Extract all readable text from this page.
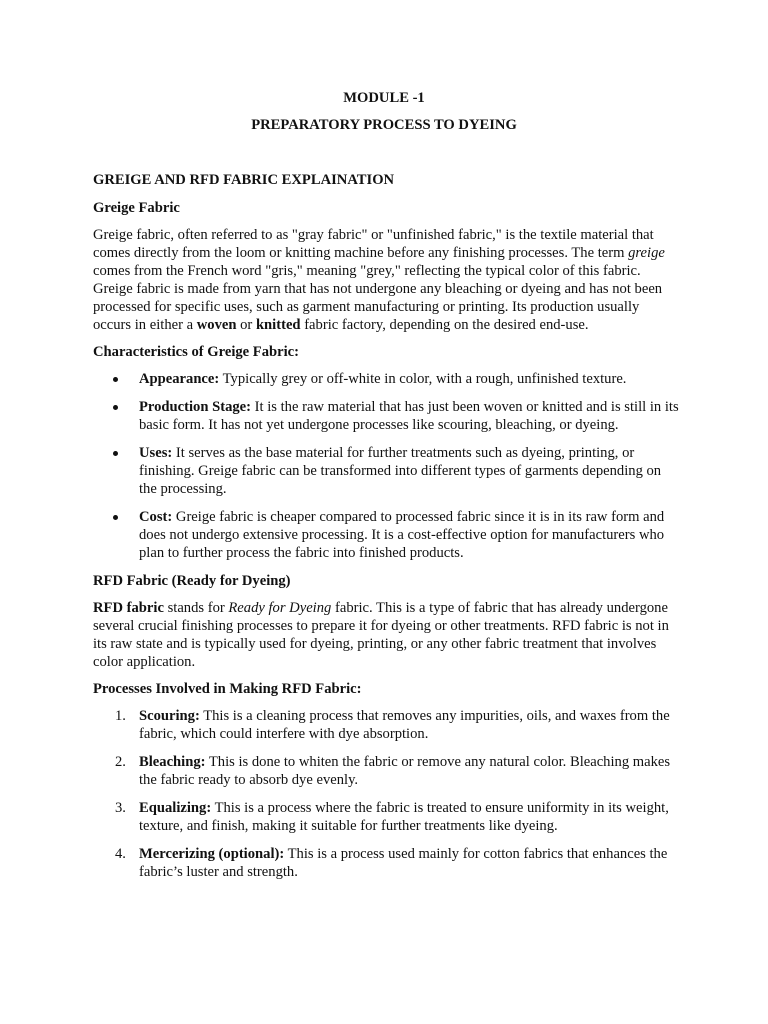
MODULE -1
PREPARATORY PROCESS TO DYEING
GREIGE AND RFD FABRIC EXPLAINATION
Greige Fabric

Greige fabric, often referred to as "gray fabric" or "unfinished fabric," is the textile material that comes directly from the loom or knitting machine before any finishing processes. The term greige comes from the French word "gris," meaning "grey," reflecting the typical color of this fabric. Greige fabric is made from yarn that has not undergone any bleaching or dyeing and has not been processed for specific uses, such as garment manufacturing or printing. Its production usually occurs in either a woven or knitted fabric factory, depending on the desired end-use.

Characteristics of Greige Fabric:
Appearance: Typically grey or off-white in color, with a rough, unfinished texture.
Production Stage: It is the raw material that has just been woven or knitted and is still in its basic form. It has not yet undergone processes like scouring, bleaching, or dyeing.
Uses: It serves as the base material for further treatments such as dyeing, printing, or finishing. Greige fabric can be transformed into different types of garments depending on the processing.
Cost: Greige fabric is cheaper compared to processed fabric since it is in its raw form and does not undergo extensive processing. It is a cost-effective option for manufacturers who plan to further process the fabric into finished products.
RFD Fabric (Ready for Dyeing)

RFD fabric stands for Ready for Dyeing fabric. This is a type of fabric that has already undergone several crucial finishing processes to prepare it for dyeing or other treatments. RFD fabric is not in its raw state and is typically used for dyeing, printing, or any other fabric treatment that involves color application.

Processes Involved in Making RFD Fabric:
1. Scouring: This is a cleaning process that removes any impurities, oils, and waxes from the fabric, which could interfere with dye absorption.
2. Bleaching: This is done to whiten the fabric or remove any natural color. Bleaching makes the fabric ready to absorb dye evenly.
3. Equalizing: This is a process where the fabric is treated to ensure uniformity in its weight, texture, and finish, making it suitable for further treatments like dyeing.
4. Mercerizing (optional): This is a process used mainly for cotton fabrics that enhances the fabric’s luster and strength.
